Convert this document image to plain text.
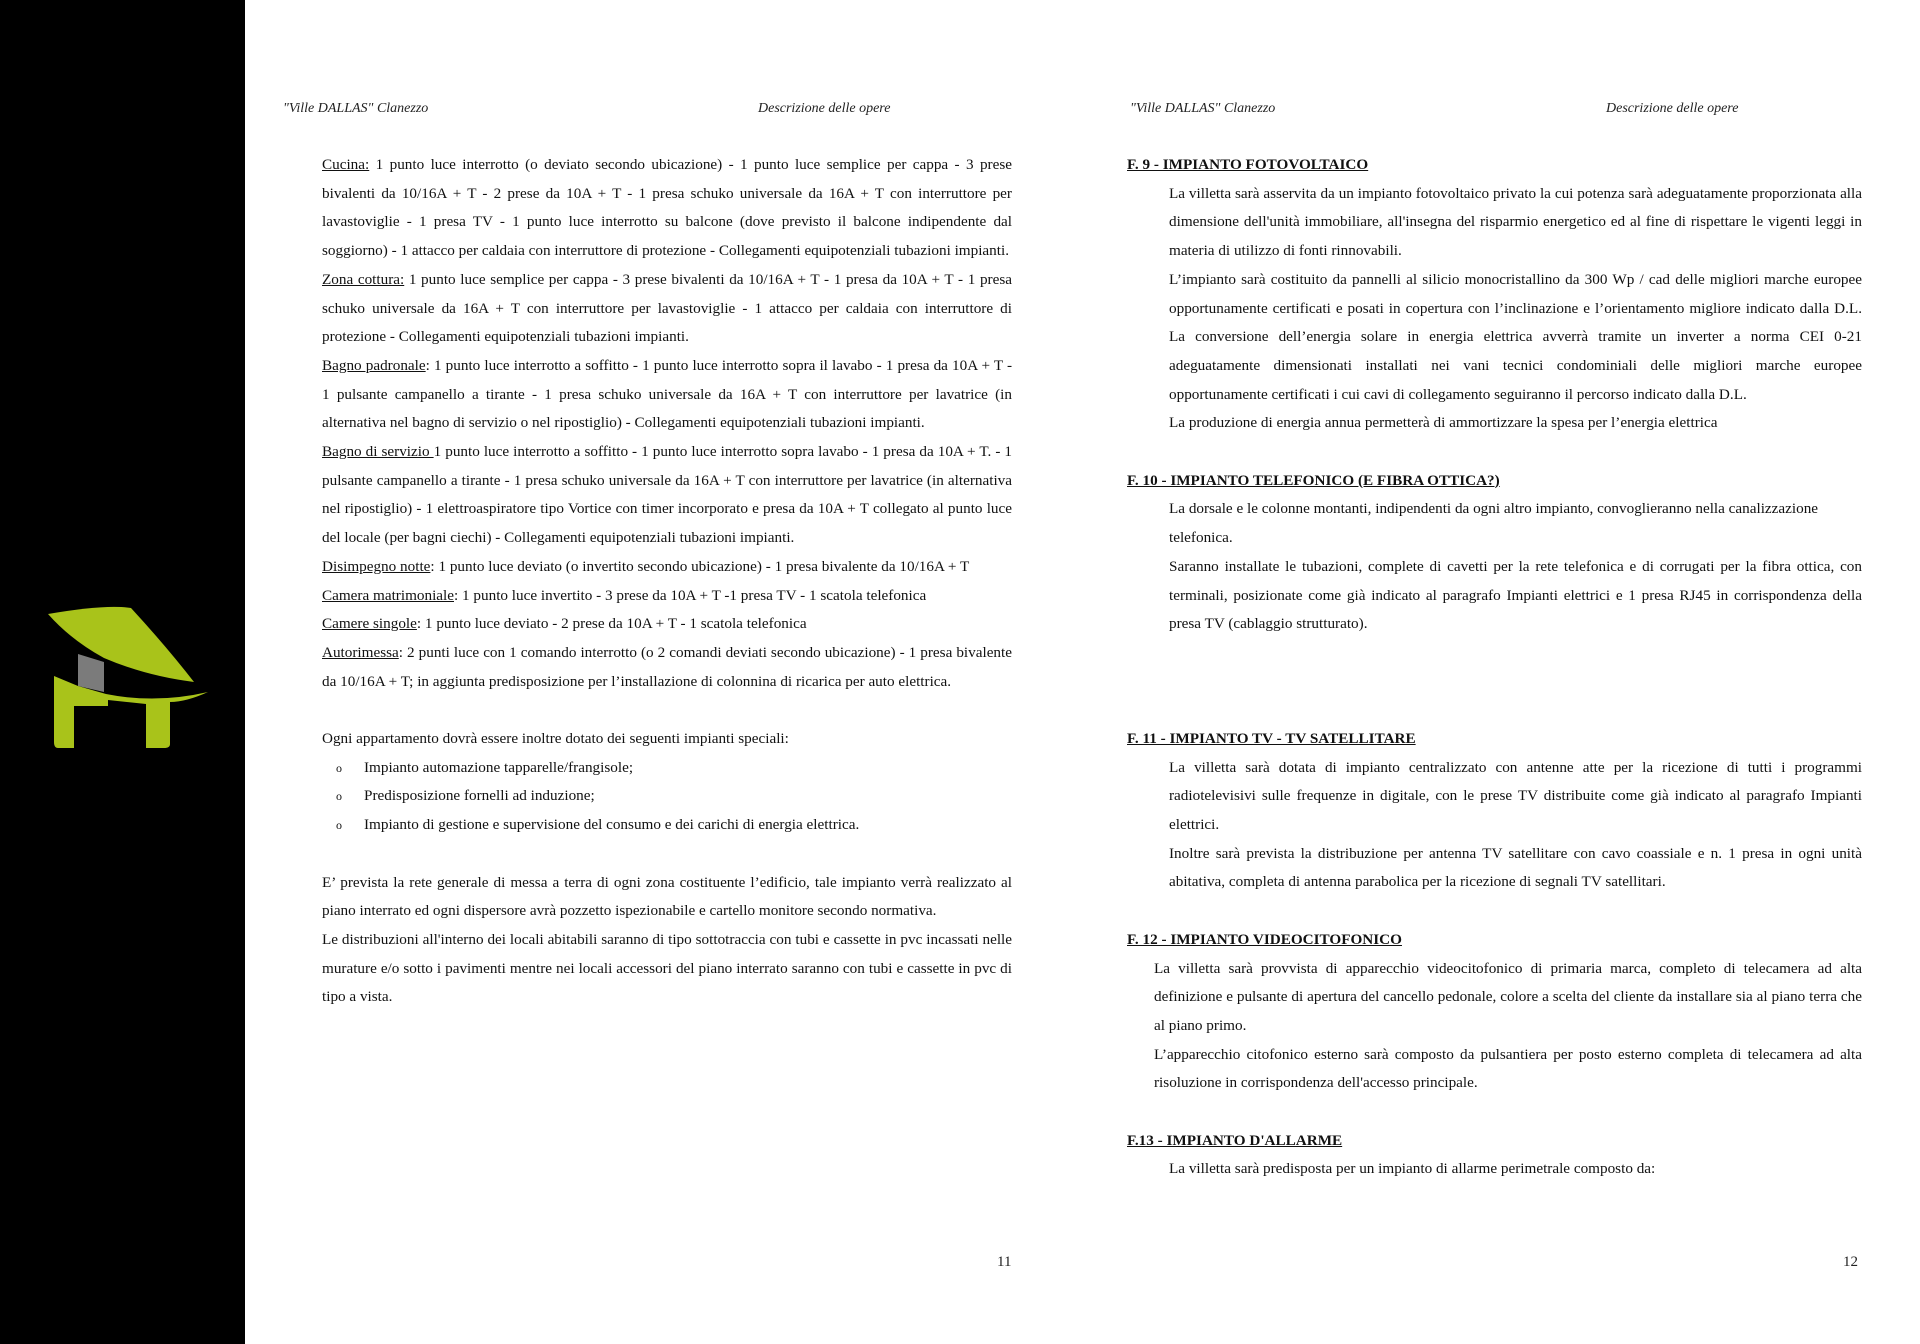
"Ville DALLAS" Clanezzo	Descrizione delle opere	"Ville DALLAS" Clanezzo	Descrizione delle opere

Cucina: 1 punto luce interrotto (o deviato secondo ubicazione) - 1 punto luce semplice per cappa - 3 prese bivalenti da 10/16A + T - 2 prese da 10A + T - 1 presa schuko universale da 16A + T con interruttore per lavastoviglie - 1 presa TV - 1 punto luce interrotto su balcone (dove previsto il balcone indipendente dal soggiorno) - 1 attacco per caldaia con interruttore di protezione - Collegamenti equipotenziali tubazioni impianti.

Zona cottura: 1 punto luce semplice per cappa - 3 prese bivalenti da 10/16A + T - 1 presa da 10A + T - 1 presa schuko universale da 16A + T con interruttore per lavastoviglie - 1 attacco per caldaia con interruttore di protezione - Collegamenti equipotenziali tubazioni impianti.

Bagno padronale: 1 punto luce interrotto a soffitto - 1 punto luce interrotto sopra il lavabo - 1 presa da 10A + T - 1 pulsante campanello a tirante - 1 presa schuko universale da 16A + T con interruttore per lavatrice (in alternativa nel bagno di servizio o nel ripostiglio) - Collegamenti equipotenziali tubazioni impianti.

Bagno di servizio 1 punto luce interrotto a soffitto - 1 punto luce interrotto sopra lavabo - 1 presa da 10A + T. - 1 pulsante campanello a tirante - 1 presa schuko universale da 16A + T con interruttore per lavatrice (in alternativa nel ripostiglio) - 1 elettroaspiratore tipo Vortice con timer incorporato e presa da 10A + T collegato al punto luce del locale (per bagni ciechi) - Collegamenti equipotenziali tubazioni impianti.

Disimpegno notte: 1 punto luce deviato (o invertito secondo ubicazione) - 1 presa bivalente da 10/16A + T

Camera matrimoniale: 1 punto luce invertito - 3 prese da 10A + T -1 presa TV - 1 scatola telefonica

Camere singole: 1 punto luce deviato - 2 prese da 10A + T - 1 scatola telefonica

Autorimessa: 2 punti luce con 1 comando interrotto (o 2 comandi deviati secondo ubicazione) - 1 presa bivalente da 10/16A + T; in aggiunta predisposizione per l’installazione di colonnina di ricarica per auto elettrica.

Ogni appartamento dovrà essere inoltre dotato dei seguenti impianti speciali:

o Impianto automazione tapparelle/frangisole;
o Predisposizione fornelli ad induzione;
o Impianto di gestione e supervisione del consumo e dei carichi di energia elettrica.

E’ prevista la rete generale di messa a terra di ogni zona costituente l’edificio, tale impianto verrà realizzato al piano interrato ed ogni dispersore avrà pozzetto ispezionabile e cartello monitore secondo normativa.

Le distribuzioni all'interno dei locali abitabili saranno di tipo sottotraccia con tubi e cassette in pvc incassati nelle murature e/o sotto i pavimenti mentre nei locali accessori del piano interrato saranno con tubi e cassette in pvc di tipo a vista.

F. 9 - IMPIANTO FOTOVOLTAICO

La villetta sarà asservita da un impianto fotovoltaico privato la cui potenza sarà adeguatamente proporzionata alla dimensione dell'unità immobiliare, all'insegna del risparmio energetico ed al fine di rispettare le vigenti leggi in materia di utilizzo di fonti rinnovabili.

L’impianto sarà costituito da pannelli al silicio monocristallino da 300 Wp / cad delle migliori marche europee opportunamente certificati e posati in copertura con l’inclinazione e l’orientamento migliore indicato dalla D.L. La conversione dell’energia solare in energia elettrica avverrà tramite un inverter a norma CEI 0-21 adeguatamente dimensionati installati nei vani tecnici condominiali delle migliori marche europee opportunamente certificati i cui cavi di collegamento seguiranno il percorso indicato dalla D.L.

La produzione di energia annua permetterà di ammortizzare la spesa per l’energia elettrica

F. 10 - IMPIANTO TELEFONICO (E FIBRA OTTICA?)

La dorsale e le colonne montanti, indipendenti da ogni altro impianto, convoglieranno nella canalizzazione telefonica.

Saranno installate le tubazioni, complete di cavetti per la rete telefonica e di corrugati per la fibra ottica, con terminali, posizionate come già indicato al paragrafo Impianti elettrici e 1 presa RJ45 in corrispondenza della presa TV (cablaggio strutturato).

F. 11 - IMPIANTO TV - TV SATELLITARE

La villetta sarà dotata di impianto centralizzato con antenne atte per la ricezione di tutti i programmi radiotelevisivi sulle frequenze in digitale, con le prese TV distribuite come già indicato al paragrafo Impianti elettrici.

Inoltre sarà prevista la distribuzione per antenna TV satellitare con cavo coassiale e n. 1 presa in ogni unità abitativa, completa di antenna parabolica per la ricezione di segnali TV satellitari.

F. 12 - IMPIANTO VIDEOCITOFONICO

La villetta sarà provvista di apparecchio videocitofonico di primaria marca, completo di telecamera ad alta definizione e pulsante di apertura del cancello pedonale, colore a scelta del cliente da installare sia al piano terra che al piano primo.

L’apparecchio citofonico esterno sarà composto da pulsantiera per posto esterno completa di telecamera ad alta risoluzione in corrispondenza dell'accesso principale.

F.13 - IMPIANTO D'ALLARME

La villetta sarà predisposta per un impianto di allarme perimetrale composto da:

11	12
